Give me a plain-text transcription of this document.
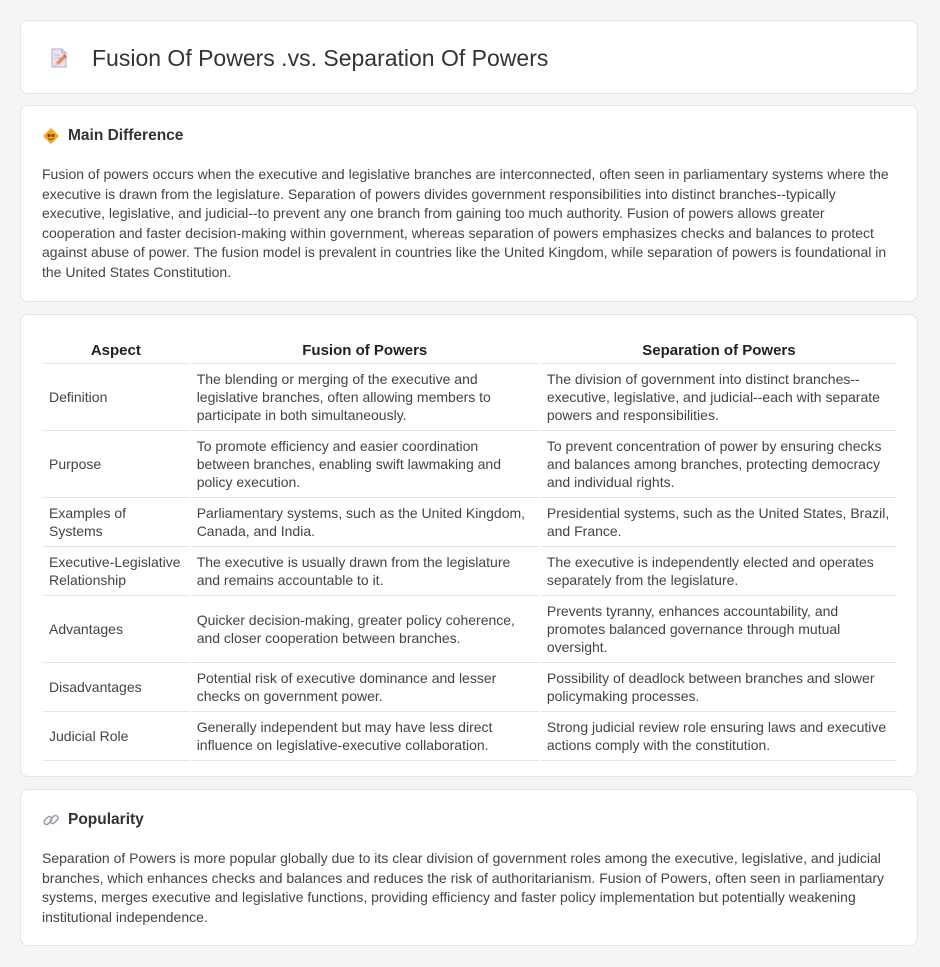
Fusion Of Powers .vs. Separation Of Powers
Main Difference

Fusion of powers occurs when the executive and legislative branches are interconnected, often seen in parliamentary systems where the executive is drawn from the legislature. Separation of powers divides government responsibilities into distinct branches--typically executive, legislative, and judicial--to prevent any one branch from gaining too much authority. Fusion of powers allows greater cooperation and faster decision-making within government, whereas separation of powers emphasizes checks and balances to protect against abuse of power. The fusion model is prevalent in countries like the United Kingdom, while separation of powers is foundational in the United States Constitution.

Aspect	Fusion of Powers	Separation of Powers
Definition	The blending or merging of the executive and legislative branches, often allowing members to participate in both simultaneously.	The division of government into distinct branches--executive, legislative, and judicial--each with separate powers and responsibilities.
Purpose	To promote efficiency and easier coordination between branches, enabling swift lawmaking and policy execution.	To prevent concentration of power by ensuring checks and balances among branches, protecting democracy and individual rights.
Examples of Systems	Parliamentary systems, such as the United Kingdom, Canada, and India.	Presidential systems, such as the United States, Brazil, and France.
Executive-Legislative Relationship	The executive is usually drawn from the legislature and remains accountable to it.	The executive is independently elected and operates separately from the legislature.
Advantages	Quicker decision-making, greater policy coherence, and closer cooperation between branches.	Prevents tyranny, enhances accountability, and promotes balanced governance through mutual oversight.
Disadvantages	Potential risk of executive dominance and lesser checks on government power.	Possibility of deadlock between branches and slower policymaking processes.
Judicial Role	Generally independent but may have less direct influence on legislative-executive collaboration.	Strong judicial review role ensuring laws and executive actions comply with the constitution.
Popularity

Separation of Powers is more popular globally due to its clear division of government roles among the executive, legislative, and judicial branches, which enhances checks and balances and reduces the risk of authoritarianism. Fusion of Powers, often seen in parliamentary systems, merges executive and legislative functions, providing efficiency and faster policy implementation but potentially weakening institutional independence.
